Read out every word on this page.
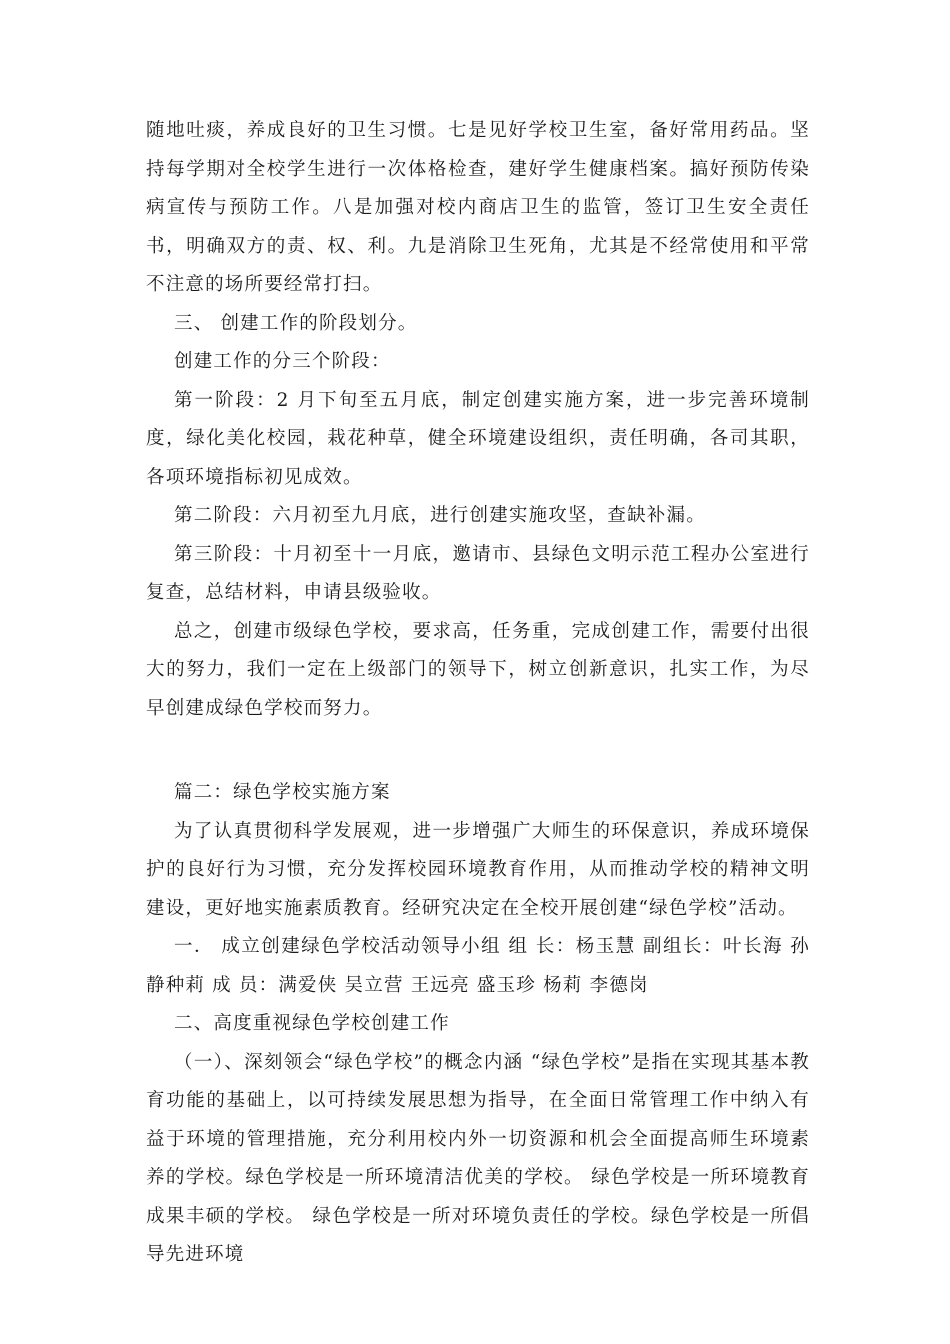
随地吐痰，养成良好的卫生习惯。七是见好学校卫生室，备好常用药品。坚持每学期对全校学生进行一次体格检查，建好学生健康档案。搞好预防传染病宣传与预防工作。八是加强对校内商店卫生的监管，签订卫生安全责任书，明确双方的责、权、利。九是消除卫生死角，尤其是不经常使用和平常不注意的场所要经常打扫。

三、 创建工作的阶段划分。

创建工作的分三个阶段：

第一阶段：2 月下旬至五月底，制定创建实施方案，进一步完善环境制度，绿化美化校园，栽花种草，健全环境建设组织，责任明确，各司其职，各项环境指标初见成效。

第二阶段：六月初至九月底，进行创建实施攻坚，查缺补漏。

第三阶段：十月初至十一月底，邀请市、县绿色文明示范工程办公室进行复查，总结材料，申请县级验收。

总之，创建市级绿色学校，要求高，任务重，完成创建工作，需要付出很大的努力，我们一定在上级部门的领导下，树立创新意识，扎实工作，为尽早创建成绿色学校而努力。

篇二：绿色学校实施方案

为了认真贯彻科学发展观，进一步增强广大师生的环保意识，养成环境保护的良好行为习惯，充分发挥校园环境教育作用，从而推动学校的精神文明建设，更好地实施素质教育。经研究决定在全校开展创建“绿色学校”活动。

一． 成立创建绿色学校活动领导小组 组 长：杨玉慧 副组长：叶长海 孙静种莉 成 员：满爱侠 吴立营 王远亮 盛玉珍 杨莉 李德岗

二、高度重视绿色学校创建工作

（一）、深刻领会“绿色学校”的概念内涵 “绿色学校”是指在实现其基本教育功能的基础上，以可持续发展思想为指导，在全面日常管理工作中纳入有益于环境的管理措施，充分利用校内外一切资源和机会全面提高师生环境素养的学校。绿色学校是一所环境清洁优美的学校。 绿色学校是一所环境教育成果丰硕的学校。 绿色学校是一所对环境负责任的学校。绿色学校是一所倡导先进环境
